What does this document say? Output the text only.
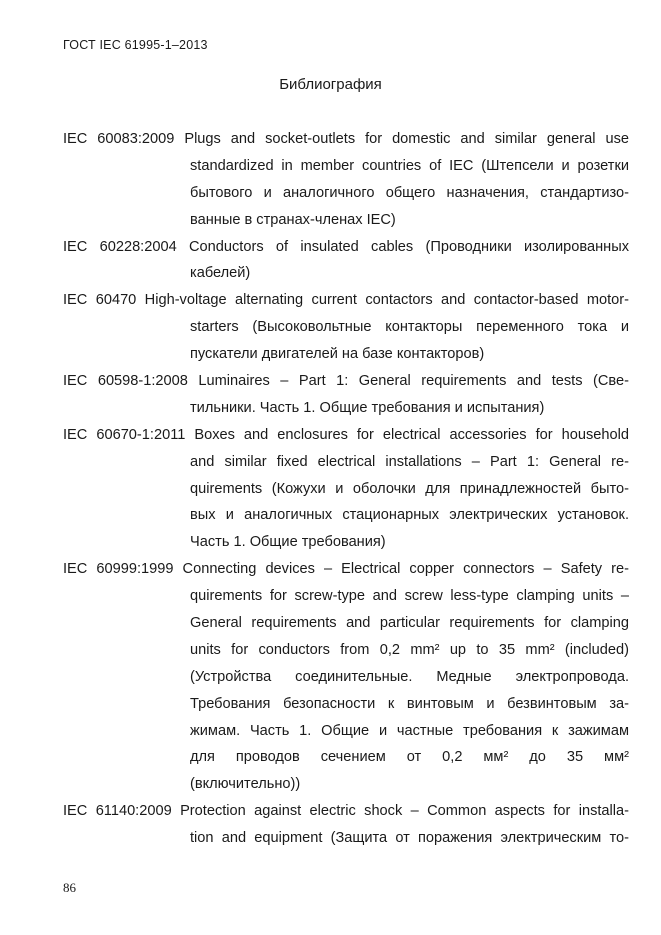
ГОСТ IEC 61995-1–2013
Библиография
IEC 60083:2009 Plugs and socket-outlets for domestic and similar general use
standardized in member countries of IEC (Штепсели и розетки
бытового и аналогичного общего назначения, стандартизо-
ванные в странах-членах IEC)
IEC 60228:2004 Conductors of insulated cables (Проводники изолированных
кабелей)
IEC 60470 High-voltage alternating current contactors and contactor-based motor-
starters (Высоковольтные контакторы переменного тока и
пускатели двигателей на базе контакторов)
IEC 60598-1:2008 Luminaires – Part 1: General requirements and tests (Све-
тильники. Часть 1. Общие требования и испытания)
IEC 60670-1:2011 Boxes and enclosures for electrical accessories for household
and similar fixed electrical installations – Part 1: General re-
quirements (Кожухи и оболочки для принадлежностей быто-
вых и аналогичных стационарных электрических установок.
Часть 1. Общие требования)
IEC 60999:1999 Connecting devices – Electrical copper connectors – Safety re-
quirements for screw-type and screw less-type clamping units –
General requirements and particular requirements for clamping
units for conductors from 0,2 mm² up to 35 mm² (included)
(Устройства соединительные. Медные электропровода.
Требования безопасности к винтовым и безвинтовым за-
жимам. Часть 1. Общие и частные требования к зажимам
для проводов сечением от 0,2 мм² до 35 мм²
(включительно))
IEC 61140:2009 Protection against electric shock – Common aspects for installa-
tion and equipment (Защита от поражения электрическим то-
86
